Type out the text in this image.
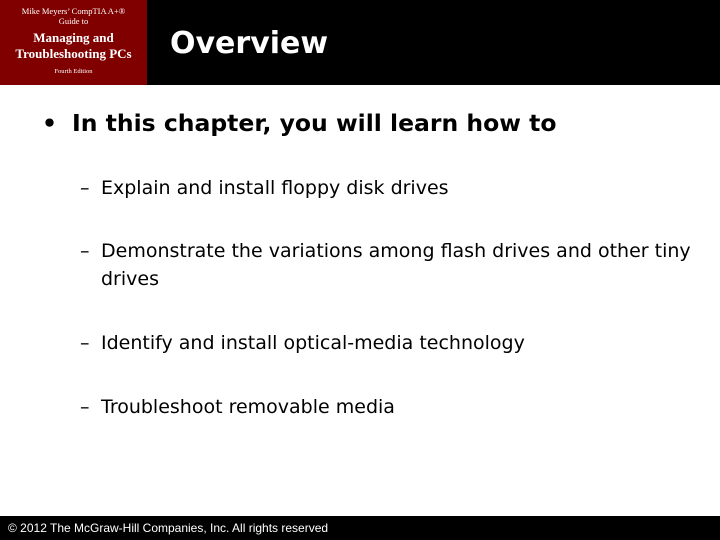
Mike Meyers’ CompTIA A+®
Guide to
Managing and
Troubleshooting PCs
Fourth Edition
Overview
• In this chapter, you will learn how to
– Explain and install floppy disk drives
– Demonstrate the variations among flash drives and other tiny drives
– Identify and install optical-media technology
– Troubleshoot removable media
© 2012 The McGraw-Hill Companies, Inc. All rights reserved
